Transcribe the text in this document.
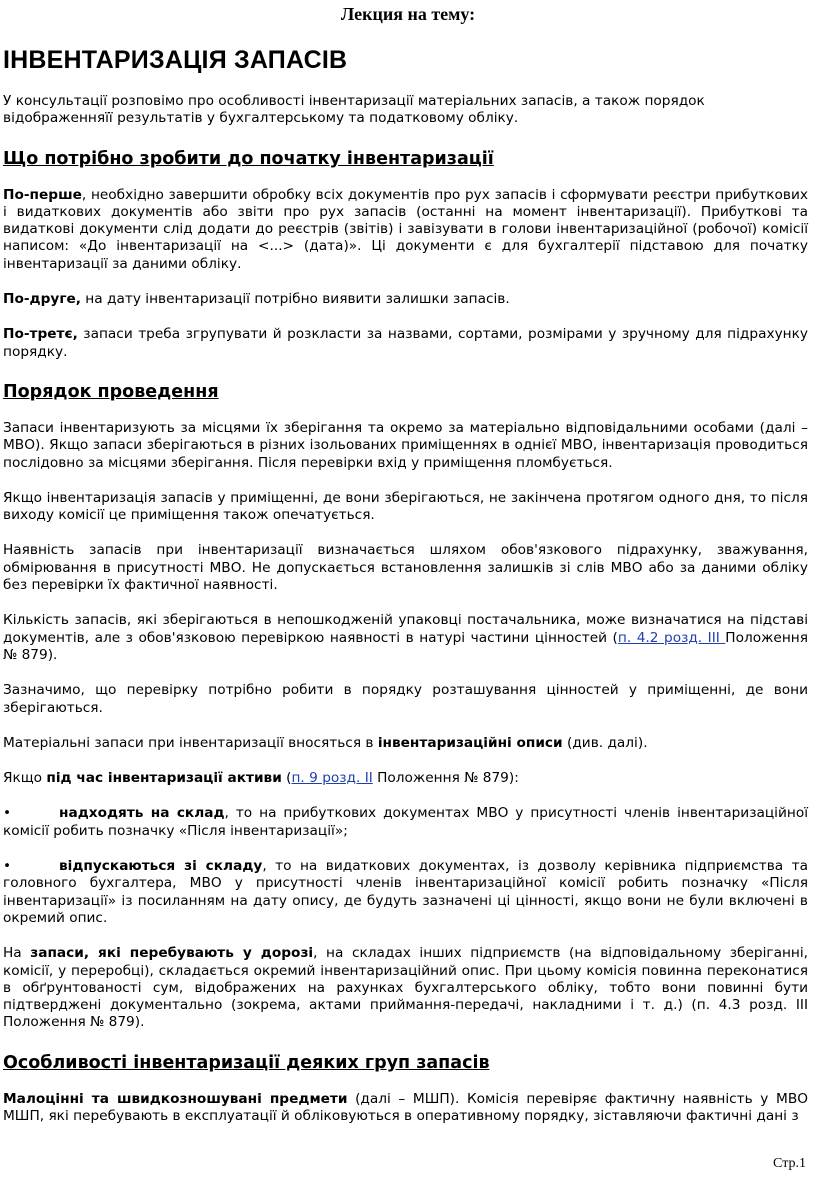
Лекция на тему:
ІНВЕНТАРИЗАЦІЯ ЗАПАСІВ

У консультації розповімо про особливості інвентаризації матеріальних запасів, а також порядок відображенняїї результатів у бухгалтерському та податковому обліку.

Що потрібно зробити до початку інвентаризації

По-перше, необхідно завершити обробку всіх документів про рух запасів і сформувати реєстри прибуткових і видаткових документів або звіти про рух запасів (останні на момент інвентаризації). Прибуткові та видаткові документи слід додати до реєстрів (звітів) і завізувати в голови інвентаризаційної (робочої) комісії написом: «До інвентаризації на <...> (дата)». Ці документи є для бухгалтерії підставою для початку інвентаризації за даними обліку.

По-друге, на дату інвентаризації потрібно виявити залишки запасів.

По-третє, запаси треба згрупувати й розкласти за назвами, сортами, розмірами у зручному для підрахунку порядку.

Порядок проведення

Запаси інвентаризують за місцями їх зберігання та окремо за матеріально відповідальними особами (далі – МВО). Якщо запаси зберігаються в різних ізольованих приміщеннях в однієї МВО, інвентаризація проводиться послідовно за місцями зберігання. Після перевірки вхід у приміщення пломбується.

Якщо інвентаризація запасів у приміщенні, де вони зберігаються, не закінчена протягом одного дня, то після виходу комісії це приміщення також опечатується.

Наявність запасів при інвентаризації визначається шляхом обов'язкового підрахунку, зважування, обмірювання в присутності МВО. Не допускається встановлення залишків зі слів МВО або за даними обліку без перевірки їх фактичної наявності.

Кількість запасів, які зберігаються в непошкодженій упаковці постачальника, може визначатися на підставі документів, але з обов'язковою перевіркою наявності в натурі частини цінностей (п. 4.2 розд. ІІІ Положення № 879).

Зазначимо, що перевірку потрібно робити в порядку розташування цінностей у приміщенні, де вони зберігаються.

Матеріальні запаси при інвентаризації вносяться в інвентаризаційні описи (див. далі).

Якщо під час інвентаризації активи (п. 9 розд. ІІ Положення № 879):

•	надходять на склад, то на прибуткових документах МВО у присутності членів інвентаризаційної комісії робить позначку «Після інвентаризації»;

•	відпускаються зі складу, то на видаткових документах, із дозволу керівника підприємства та головного бухгалтера, МВО у присутності членів інвентаризаційної комісії робить позначку «Після інвентаризації» із посиланням на дату опису, де будуть зазначені ці цінності, якщо вони не були включені в окремий опис.

На запаси, які перебувають у дорозі, на складах інших підприємств (на відповідальному зберіганні, комісії, у переробці), складається окремий інвентаризаційний опис. При цьому комісія повинна переконатися в обґрунтованості сум, відображених на рахунках бухгалтерського обліку, тобто вони повинні бути підтверджені документально (зокрема, актами приймання-передачі, накладними і т. д.) (п. 4.3 розд. ІІІ Положення № 879).

Особливості інвентаризації деяких груп запасів

Малоцінні та швидкозношувані предмети (далі – МШП). Комісія перевіряє фактичну наявність у МВО МШП, які перебувають в експлуатації й обліковуються в оперативному порядку, зіставляючи фактичні дані з

Стр.1
